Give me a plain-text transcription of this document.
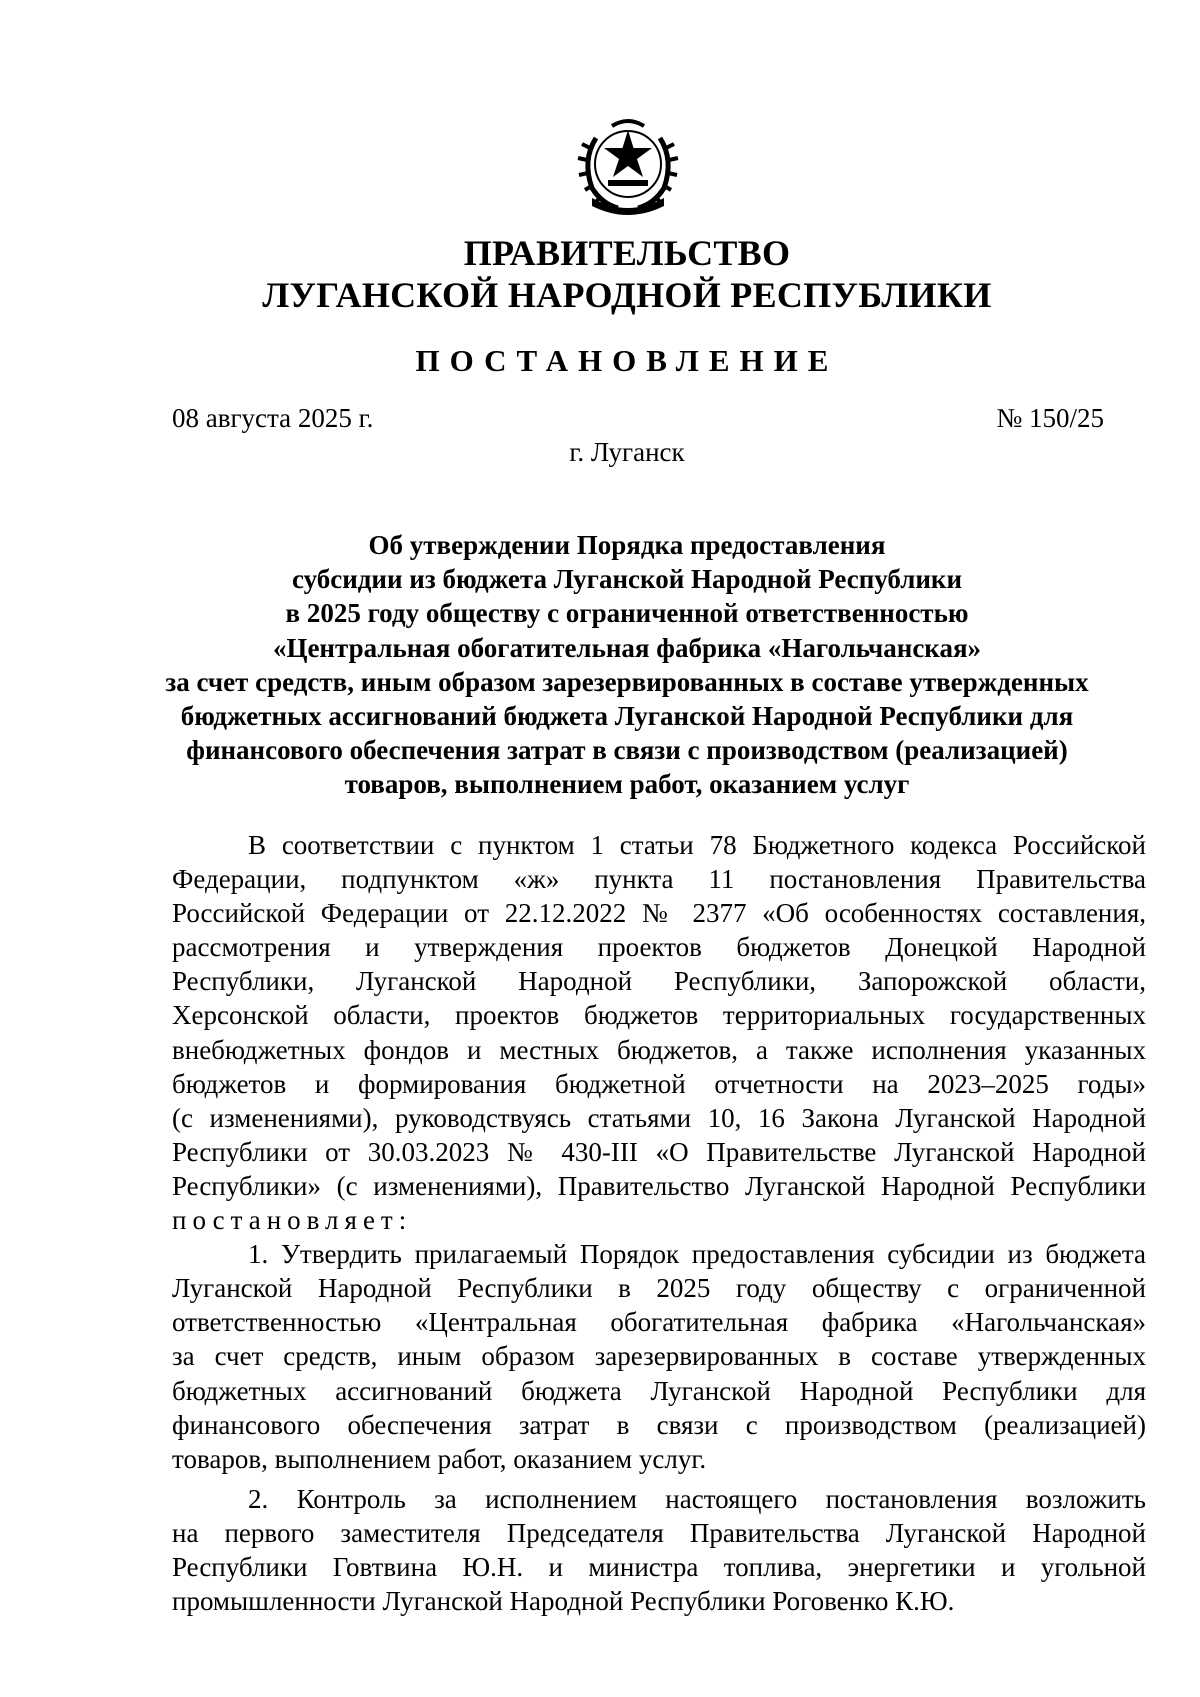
ПРАВИТЕЛЬСТВО
ЛУГАНСКОЙ НАРОДНОЙ РЕСПУБЛИКИ
ПОСТАНОВЛЕНИЕ
08 августа 2025 г.	№ 150/25
г. Луганск
Об утверждении Порядка предоставления
субсидии из бюджета Луганской Народной Республики
в 2025 году обществу с ограниченной ответственностью
«Центральная обогатительная фабрика «Нагольчанская»
за счет средств, иным образом зарезервированных в составе утвержденных
бюджетных ассигнований бюджета Луганской Народной Республики для
финансового обеспечения затрат в связи с производством (реализацией)
товаров, выполнением работ, оказанием услуг
В соответствии с пунктом 1 статьи 78 Бюджетного кодекса Российской
Федерации, подпунктом «ж» пункта 11 постановления Правительства
Российской Федерации от 22.12.2022 № 2377 «Об особенностях составления,
рассмотрения и утверждения проектов бюджетов Донецкой Народной
Республики, Луганской Народной Республики, Запорожской области,
Херсонской области, проектов бюджетов территориальных государственных
внебюджетных фондов и местных бюджетов, а также исполнения указанных
бюджетов и формирования бюджетной отчетности на 2023–2025 годы»
(с изменениями), руководствуясь статьями 10, 16 Закона Луганской Народной
Республики от 30.03.2023 № 430-III «О Правительстве Луганской Народной
Республики» (с изменениями), Правительство Луганской Народной Республики
постановляет:
1. Утвердить прилагаемый Порядок предоставления субсидии из бюджета
Луганской Народной Республики в 2025 году обществу с ограниченной
ответственностью «Центральная обогатительная фабрика «Нагольчанская»
за счет средств, иным образом зарезервированных в составе утвержденных
бюджетных ассигнований бюджета Луганской Народной Республики для
финансового обеспечения затрат в связи с производством (реализацией)
товаров, выполнением работ, оказанием услуг.
2. Контроль за исполнением настоящего постановления возложить
на первого заместителя Председателя Правительства Луганской Народной
Республики Говтвина Ю.Н. и министра топлива, энергетики и угольной
промышленности Луганской Народной Республики Роговенко К.Ю.
